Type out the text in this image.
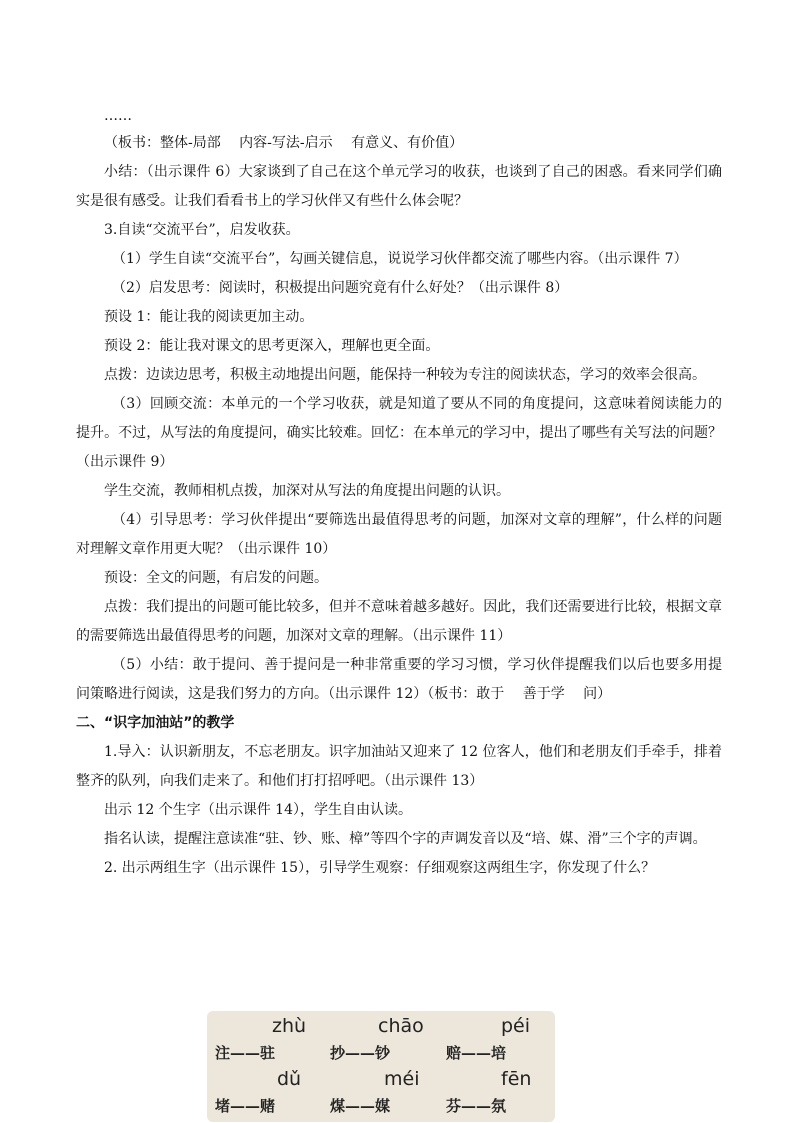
……

（板书：整体-局部　 内容-写法-启示　 有意义、有价值）

小结：（出示课件 6）大家谈到了自己在这个单元学习的收获，也谈到了自己的困惑。看来同学们确实是很有感受。让我们看看书上的学习伙伴又有些什么体会呢？

3.自读“交流平台”，启发收获。

（1）学生自读“交流平台”，勾画关键信息，说说学习伙伴都交流了哪些内容。（出示课件 7）

（2）启发思考：阅读时，积极提出问题究竟有什么好处？（出示课件 8）

预设 1：能让我的阅读更加主动。

预设 2：能让我对课文的思考更深入，理解也更全面。

点拨：边读边思考，积极主动地提出问题，能保持一种较为专注的阅读状态，学习的效率会很高。

（3）回顾交流：本单元的一个学习收获，就是知道了要从不同的角度提问，这意味着阅读能力的提升。不过，从写法的角度提问，确实比较难。回忆：在本单元的学习中，提出了哪些有关写法的问题？（出示课件 9）

学生交流，教师相机点拨，加深对从写法的角度提出问题的认识。

（4）引导思考：学习伙伴提出“要筛选出最值得思考的问题，加深对文章的理解”，什么样的问题对理解文章作用更大呢？（出示课件 10）

预设：全文的问题，有启发的问题。

点拨：我们提出的问题可能比较多，但并不意味着越多越好。因此，我们还需要进行比较，根据文章的需要筛选出最值得思考的问题，加深对文章的理解。（出示课件 11）

（5）小结：敢于提问、善于提问是一种非常重要的学习习惯，学习伙伴提醒我们以后也要多用提问策略进行阅读，这是我们努力的方向。（出示课件 12）（板书：敢于　 善于学　 问）

二、“识字加油站”的教学

1.导入：认识新朋友，不忘老朋友。识字加油站又迎来了 12 位客人，他们和老朋友们手牵手，排着整齐的队列，向我们走来了。和他们打打招呼吧。（出示课件 13）

出示 12 个生字（出示课件 14），学生自由认读。

指名认读，提醒注意读准“驻、钞、账、樟”等四个字的声调发音以及“培、媒、滑”三个字的声调。

2. 出示两组生字（出示课件 15），引导学生观察：仔细观察这两组生字，你发现了什么？

zhù	chāo	péi
注——驻	抄——钞	赔——培
dǔ	méi	fēn
堵——赌	煤——媒	芬——氛
